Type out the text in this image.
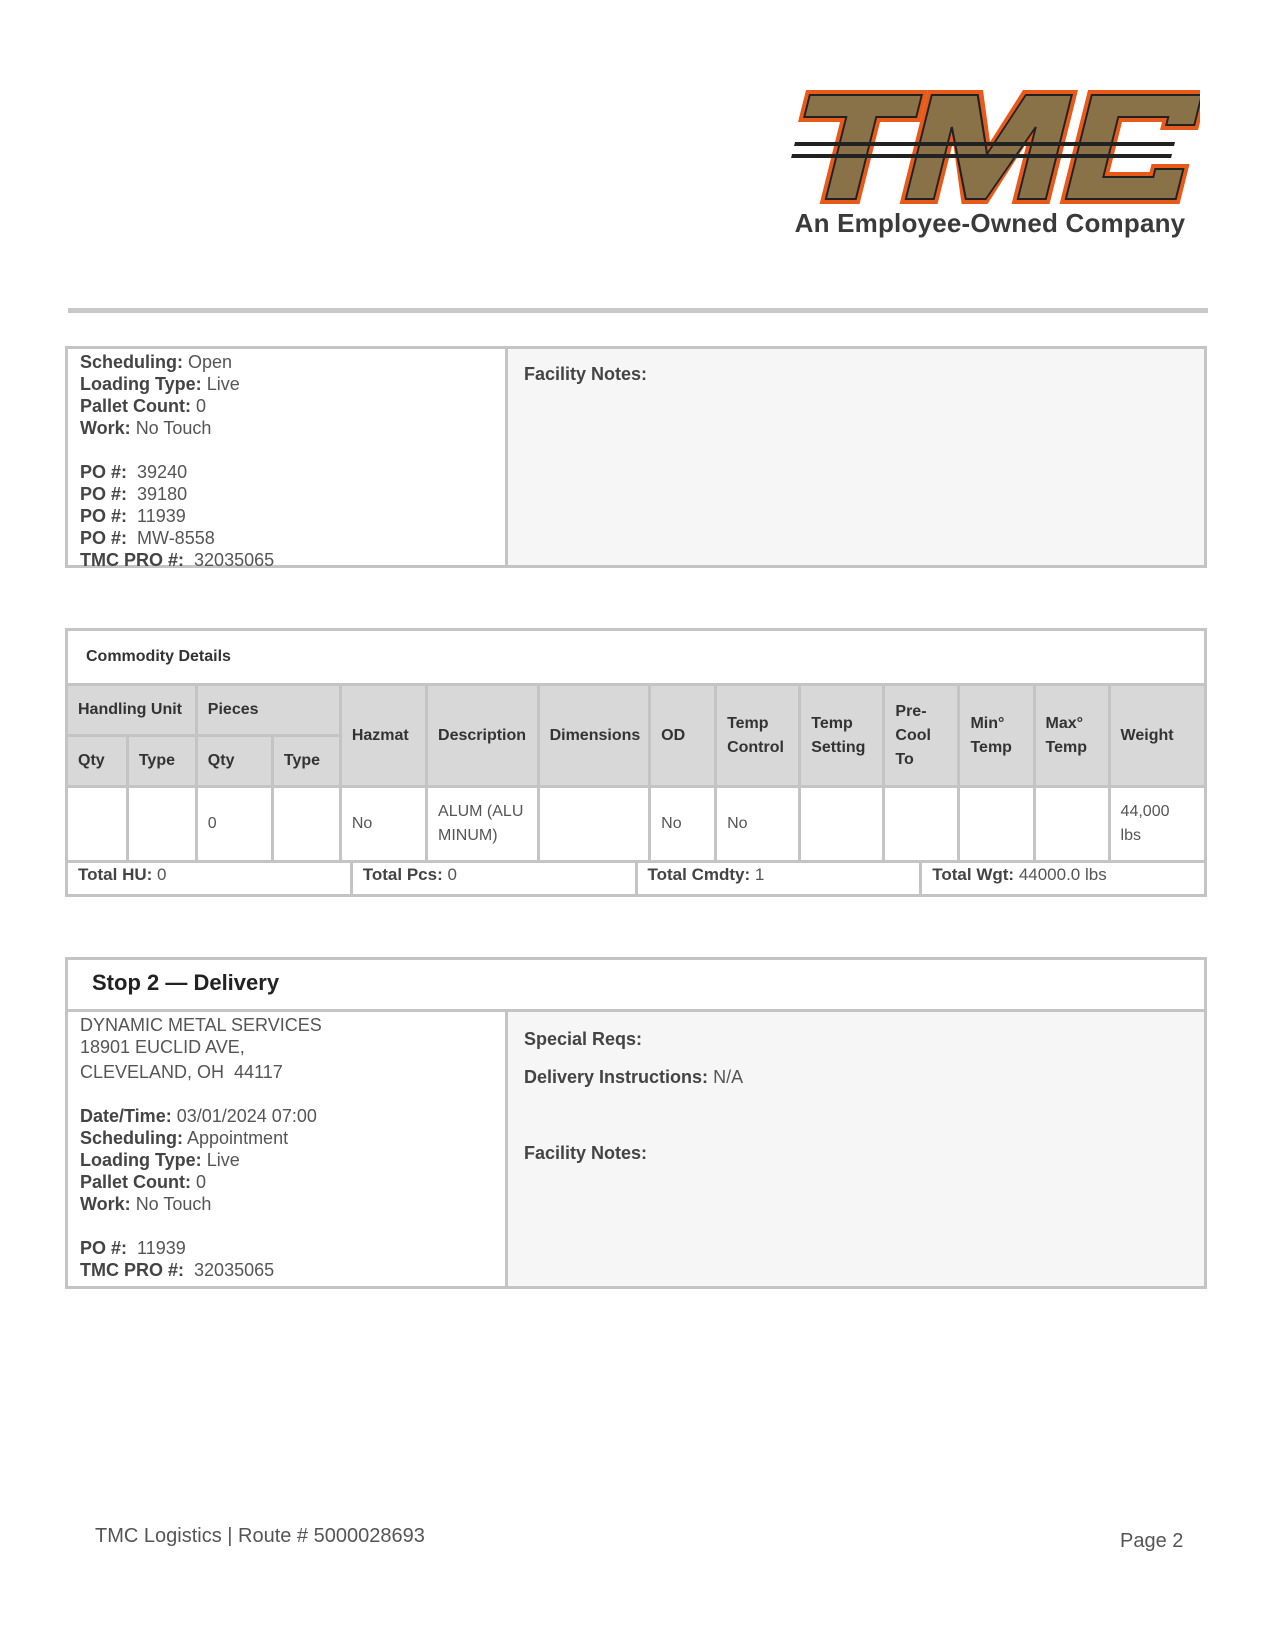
An Employee-Owned Company
Scheduling: Open
Loading Type: Live
Pallet Count: 0
Work: No Touch
PO #: 39240
PO #: 39180
PO #: 11939
PO #: MW-8558
TMC PRO #: 32035065
Facility Notes:
Commodity Details													
Handling Unit		Pieces		Hazmat	Description	Dimensions	OD	Temp Control	Temp Setting	Pre- Cool To	Min° Temp	Max° Temp	Weight
Qty	Type	Qty	Type										
		0		No	ALUM (ALUMINUM)		No	No					44,000 lbs
Total HU: 0	Total Pcs: 0	Total Cmdty: 1	Total Wgt: 44000.0 lbs
Stop 2 — Delivery
DYNAMIC METAL SERVICES
18901 EUCLID AVE,
CLEVELAND, OH  44117
Date/Time: 03/01/2024 07:00
Scheduling: Appointment
Loading Type: Live
Pallet Count: 0
Work: No Touch
PO #: 11939
TMC PRO #: 32035065
Special Reqs:
Delivery Instructions: N/A
Facility Notes:
TMC Logistics | Route # 5000028693	Page 2
